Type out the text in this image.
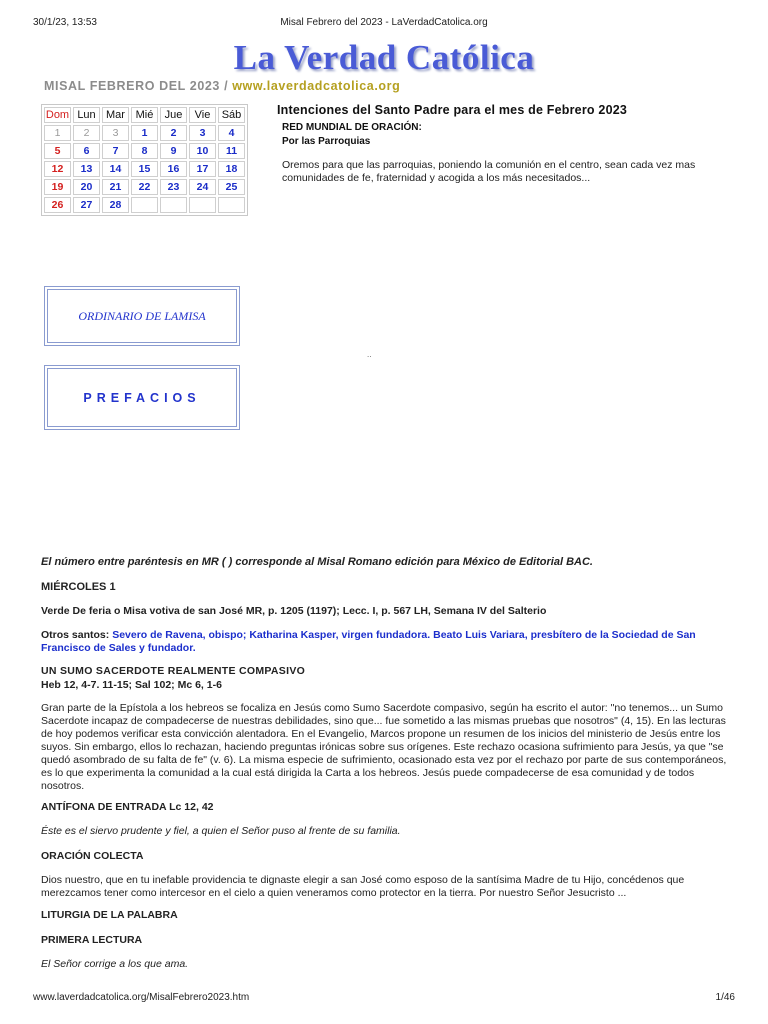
30/1/23, 13:53	Misal Febrero del 2023 - LaVerdadCatolica.org
La Verdad Católica
MISAL FEBRERO DEL 2023 / www.laverdadcatolica.org
Dom	Lun	Mar	Mié	Jue	Vie	Sáb
1	2	3	1	2	3	4
5	6	7	8	9	10	11
12	13	14	15	16	17	18
19	20	21	22	23	24	25
26	27	28				
Intenciones del Santo Padre para el mes de Febrero 2023
RED MUNDIAL DE ORACIÓN:
Por las Parroquias
Oremos para que las parroquias, poniendo la comunión en el centro, sean cada vez mas comunidades de fe, fraternidad y acogida a los más necesitados...
ORDINARIO DE LAMISA
PREFACIOS
..
El número entre paréntesis en MR ( ) corresponde al Misal Romano edición para México de Editorial BAC.
MIÉRCOLES 1
Verde De feria o Misa votiva de san José MR, p. 1205 (1197); Lecc. I, p. 567 LH, Semana IV del Salterio
Otros santos: Severo de Ravena, obispo; Katharina Kasper, virgen fundadora. Beato Luis Variara, presbítero de la Sociedad de San Francisco de Sales y fundador.
UN SUMO SACERDOTE REALMENTE COMPASIVO
Heb 12, 4-7. 11-15; Sal 102; Mc 6, 1-6
Gran parte de la Epístola a los hebreos se focaliza en Jesús como Sumo Sacerdote compasivo, según ha escrito el autor: "no tenemos... un Sumo Sacerdote incapaz de compadecerse de nuestras debilidades, sino que... fue sometido a las mismas pruebas que nosotros" (4, 15). En las lecturas de hoy podemos verificar esta convicción alentadora. En el Evangelio, Marcos propone un resumen de los inicios del ministerio de Jesús entre los suyos. Sin embargo, ellos lo rechazan, haciendo preguntas irónicas sobre sus orígenes. Este rechazo ocasiona sufrimiento para Jesús, ya que "se quedó asombrado de su falta de fe" (v. 6). La misma especie de sufrimiento, ocasionado esta vez por el rechazo por parte de sus contemporáneos, es lo que experimenta la comunidad a la cual está dirigida la Carta a los hebreos. Jesús puede compadecerse de esa comunidad y de todos nosotros.
ANTÍFONA DE ENTRADA Lc 12, 42
Éste es el siervo prudente y fiel, a quien el Señor puso al frente de su familia.
ORACIÓN COLECTA
Dios nuestro, que en tu inefable providencia te dignaste elegir a san José como esposo de la santísima Madre de tu Hijo, concédenos que merezcamos tener como intercesor en el cielo a quien veneramos como protector en la tierra. Por nuestro Señor Jesucristo ...
LITURGIA DE LA PALABRA
PRIMERA LECTURA
El Señor corrige a los que ama.
www.laverdadcatolica.org/MisalFebrero2023.htm	1/46
